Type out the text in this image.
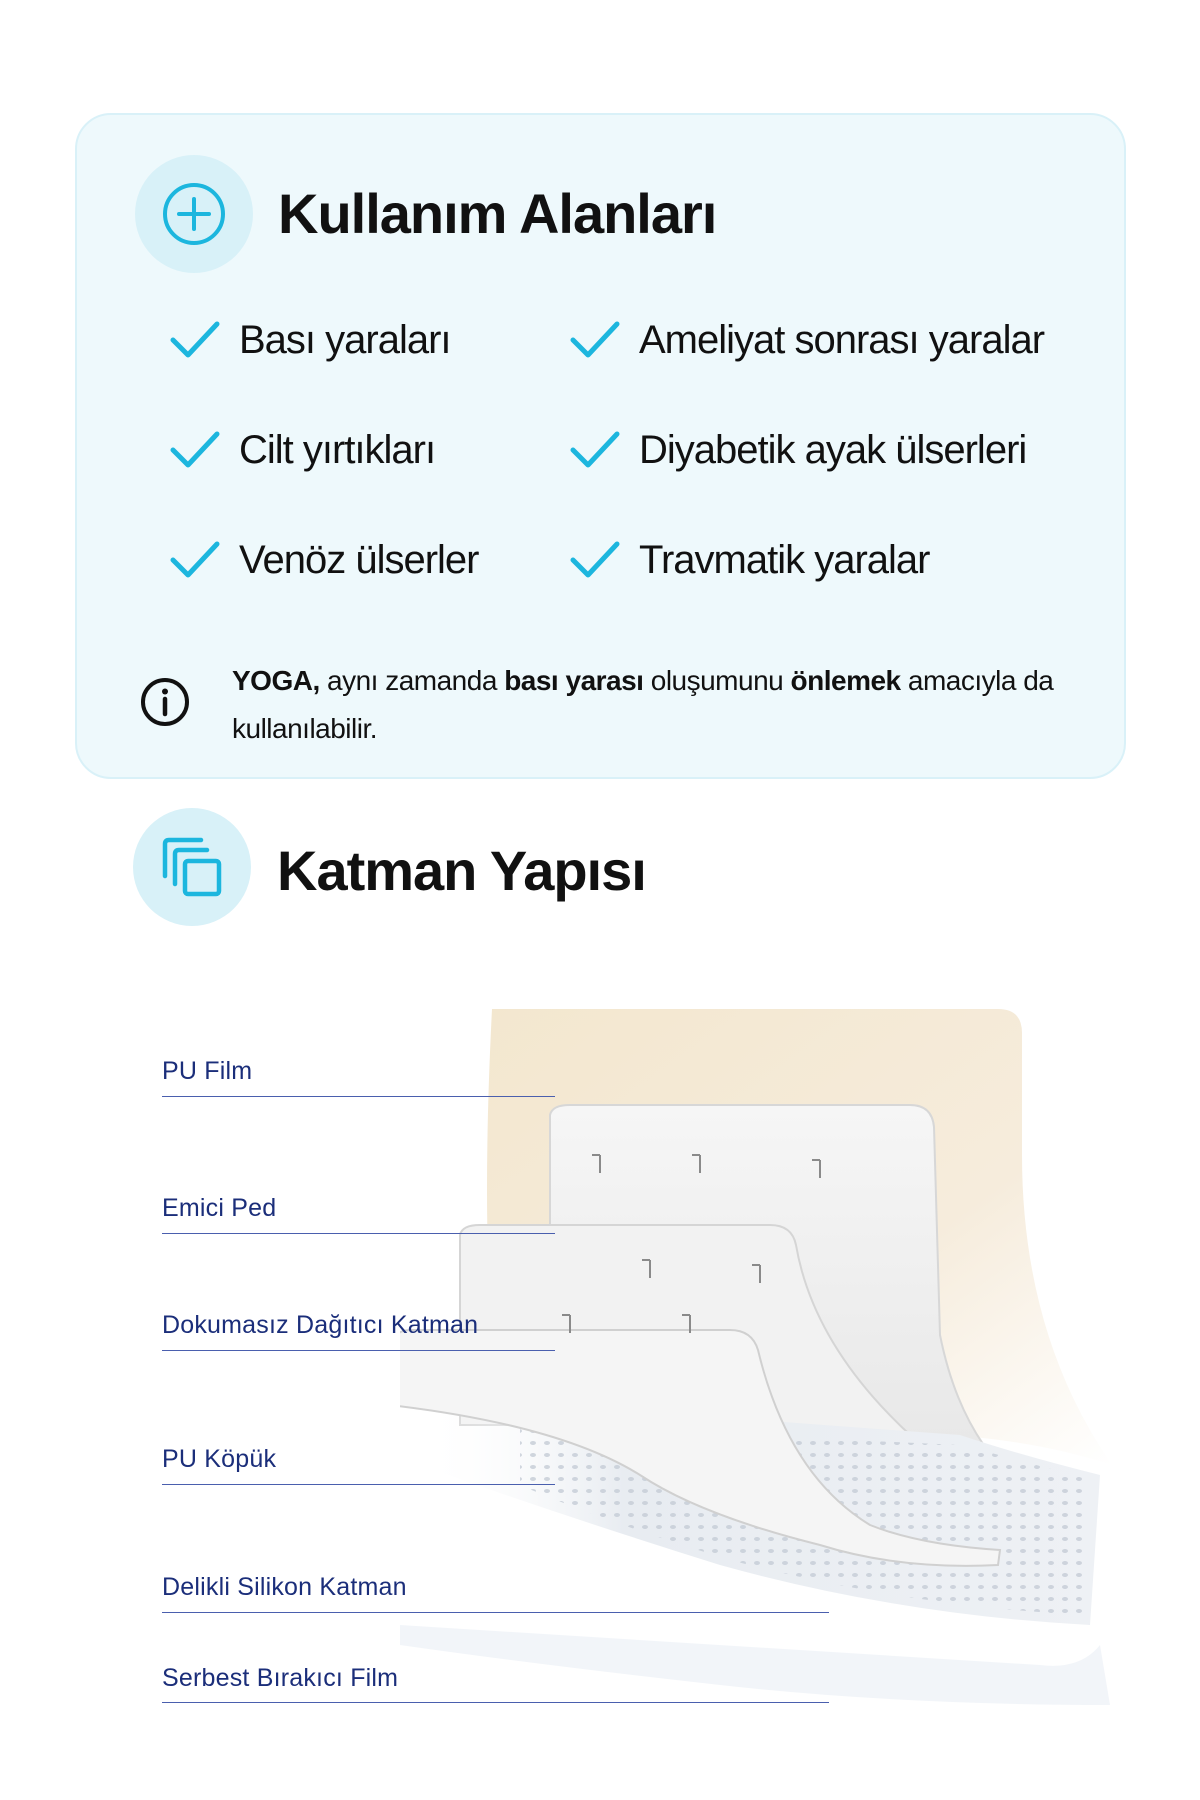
Kullanım Alanları
Bası yaraları	Ameliyat sonrası yaralar
Cilt yırtıkları	Diyabetik ayak ülserleri
Venöz ülserler	Travmatik yaralar

YOGA, aynı zamanda bası yarası oluşumunu önlemek amacıyla da kullanılabilir.

Katman Yapısı
PU Film
Emici Ped
Dokumasız Dağıtıcı Katman
PU Köpük
Delikli Silikon Katman
Serbest Bırakıcı Film
